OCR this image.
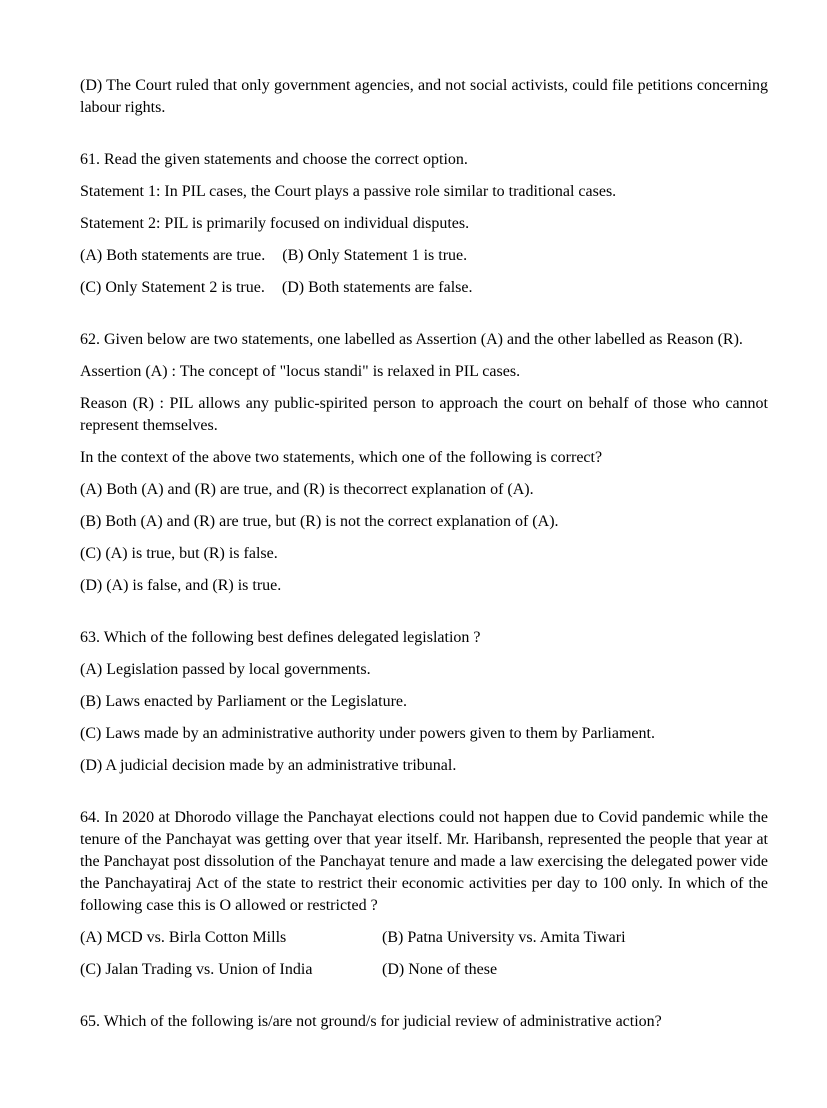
(D) The Court ruled that only government agencies, and not social activists, could file petitions concerning labour rights.

61. Read the given statements and choose the correct option.

Statement 1: In PIL cases, the Court plays a passive role similar to traditional cases.

Statement 2: PIL is primarily focused on individual disputes.

(A) Both statements are true. (B) Only Statement 1 is true.

(C) Only Statement 2 is true. (D) Both statements are false.

62. Given below are two statements, one labelled as Assertion (A) and the other labelled as Reason (R).

Assertion (A) : The concept of "locus standi" is relaxed in PIL cases.

Reason (R) : PIL allows any public-spirited person to approach the court on behalf of those who cannot represent themselves.

In the context of the above two statements, which one of the following is correct?

(A) Both (A) and (R) are true, and (R) is thecorrect explanation of (A).

(B) Both (A) and (R) are true, but (R) is not the correct explanation of (A).

(C) (A) is true, but (R) is false.

(D) (A) is false, and (R) is true.

63. Which of the following best defines delegated legislation ?

(A) Legislation passed by local governments.

(B) Laws enacted by Parliament or the Legislature.

(C) Laws made by an administrative authority under powers given to them by Parliament.

(D) A judicial decision made by an administrative tribunal.

64. In 2020 at Dhorodo village the Panchayat elections could not happen due to Covid pandemic while the tenure of the Panchayat was getting over that year itself. Mr. Haribansh, represented the people that year at the Panchayat post dissolution of the Panchayat tenure and made a law exercising the delegated power vide the Panchayatiraj Act of the state to restrict their economic activities per day to 100 only. In which of the following case this is O allowed or restricted ?

(A) MCD vs. Birla Cotton Mills	(B) Patna University vs. Amita Tiwari

(C) Jalan Trading vs. Union of India	(D) None of these

65. Which of the following is/are not ground/s for judicial review of administrative action?
